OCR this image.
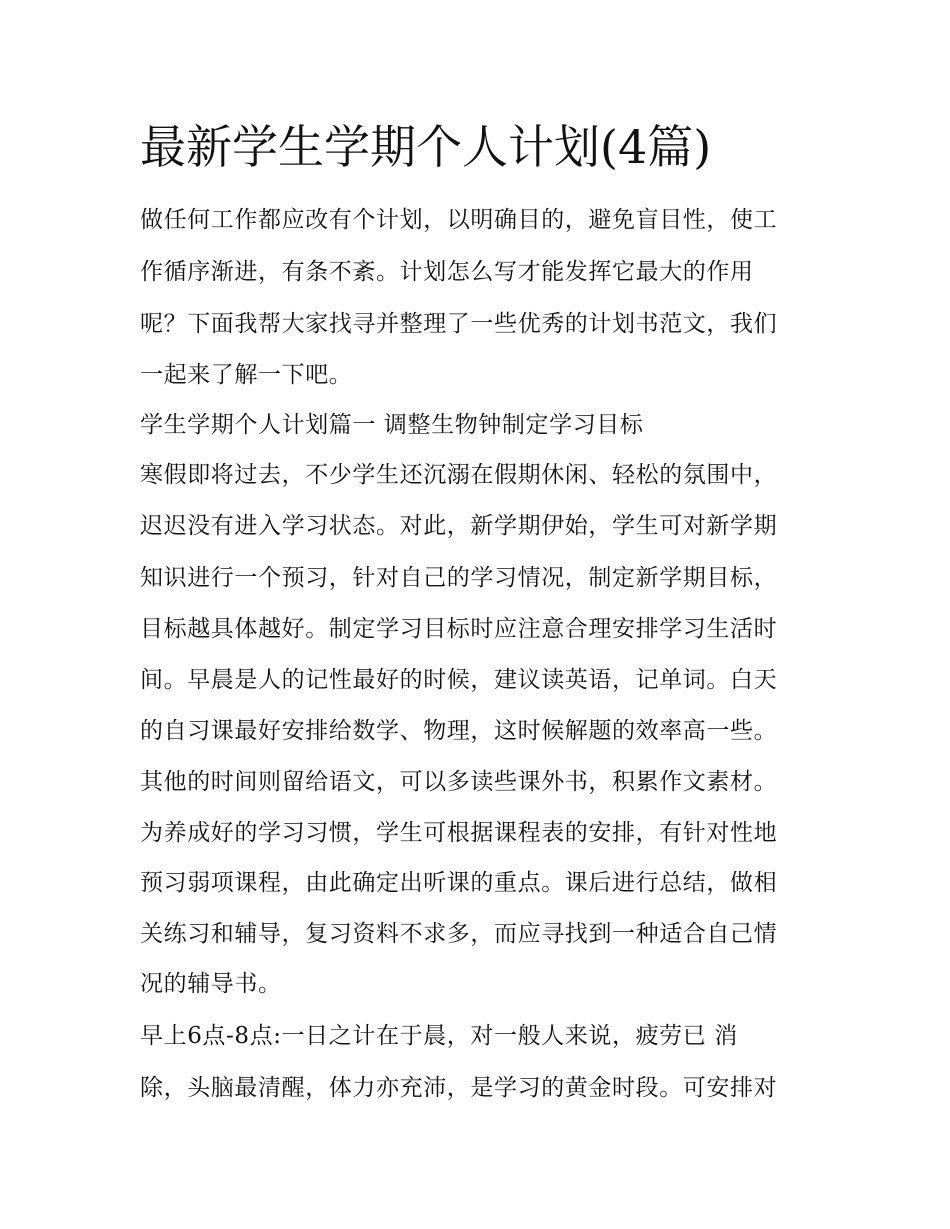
最新学生学期个人计划(4篇)

做任何工作都应改有个计划，以明确目的，避免盲目性，使工

作循序渐进，有条不紊。计划怎么写才能发挥它最大的作用

呢？下面我帮大家找寻并整理了一些优秀的计划书范文，我们

一起来了解一下吧。

学生学期个人计划篇一 调整生物钟制定学习目标

寒假即将过去，不少学生还沉溺在假期休闲、轻松的氛围中，

迟迟没有进入学习状态。对此，新学期伊始，学生可对新学期

知识进行一个预习，针对自己的学习情况，制定新学期目标，

目标越具体越好。制定学习目标时应注意合理安排学习生活时

间。早晨是人的记性最好的时候，建议读英语，记单词。白天

的自习课最好安排给数学、物理，这时候解题的效率高一些。

其他的时间则留给语文，可以多读些课外书，积累作文素材。

为养成好的学习习惯，学生可根据课程表的安排，有针对性地

预习弱项课程，由此确定出听课的重点。课后进行总结，做相

关练习和辅导，复习资料不求多，而应寻找到一种适合自己情

况的辅导书。

早上6点-8点:一日之计在于晨，对一般人来说，疲劳已 消

除，头脑最清醒，体力亦充沛，是学习的黄金时段。可安排对
